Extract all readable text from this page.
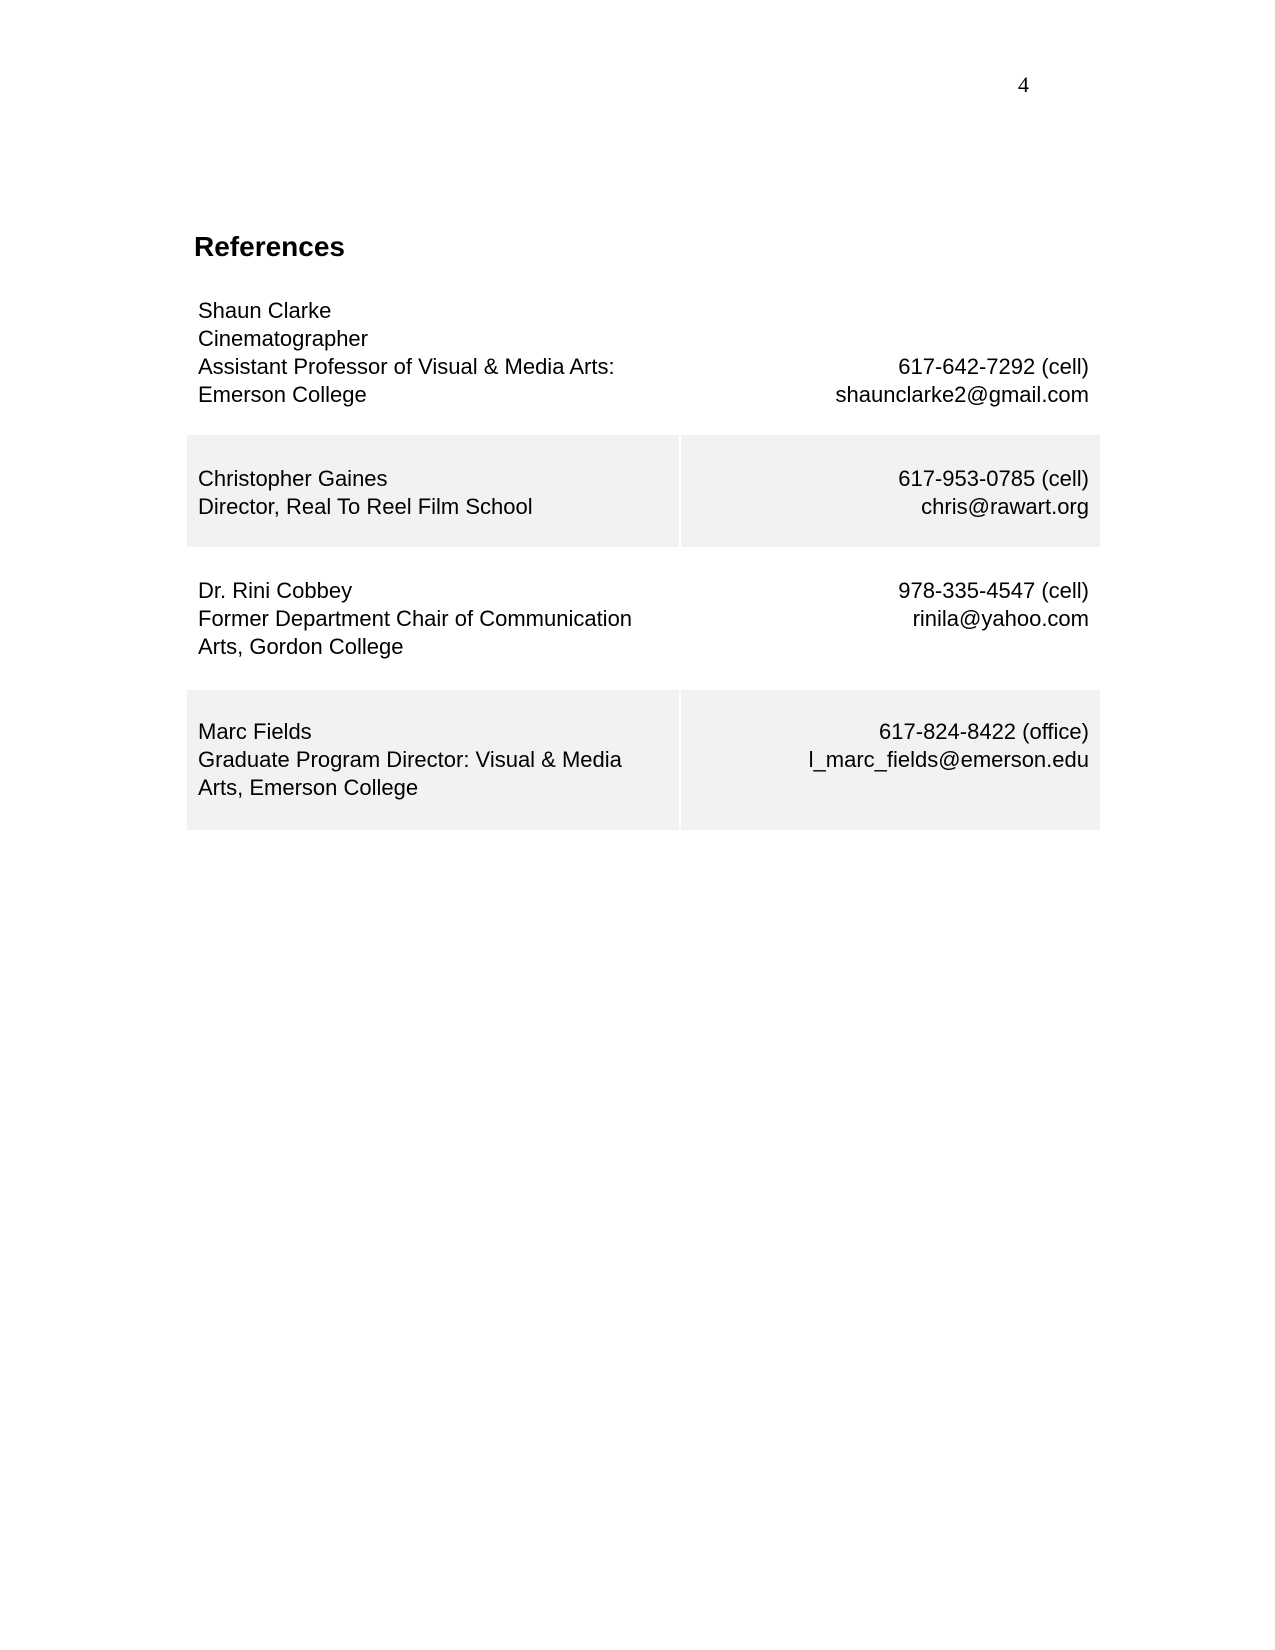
4
References
Shaun Clarke
Cinematographer
Assistant Professor of Visual & Media Arts:
Emerson College
617-642-7292 (cell)
shaunclarke2@gmail.com
Christopher Gaines
Director, Real To Reel Film School
617-953-0785 (cell)
chris@rawart.org
Dr. Rini Cobbey
Former Department Chair of Communication
Arts, Gordon College
978-335-4547 (cell)
rinila@yahoo.com
Marc Fields
Graduate Program Director: Visual & Media
Arts, Emerson College
617-824-8422 (office)
l_marc_fields@emerson.edu
